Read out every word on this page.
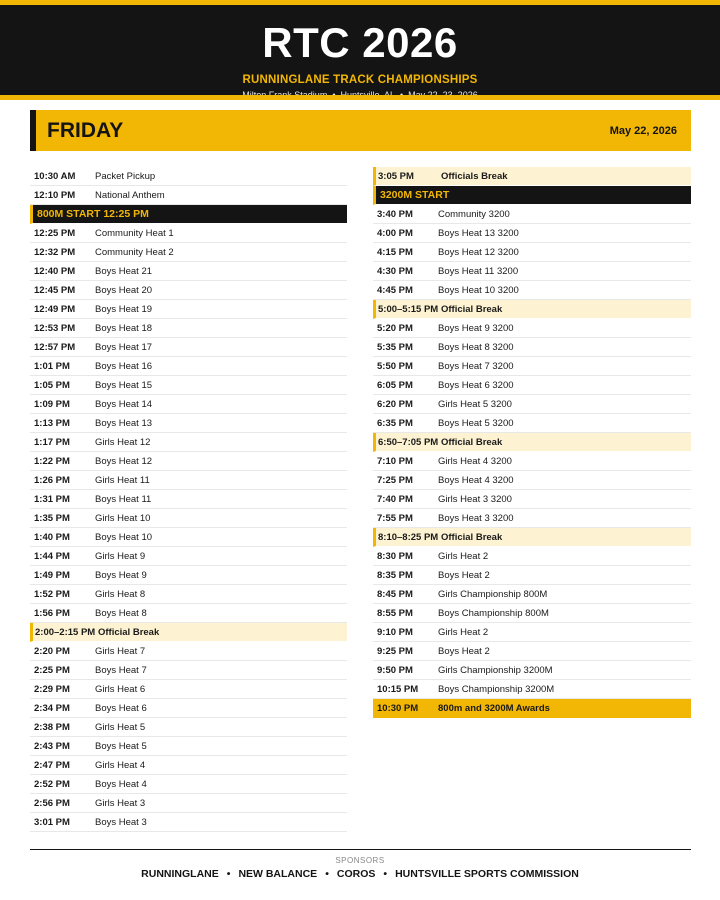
RTC 2026
RUNNINGLANE TRACK CHAMPIONSHIPS
FRIDAY	May 22, 2026
10:30 AM	Packet Pickup
12:10 PM	National Anthem
800M START 12:25 PM
12:25 PM	Community Heat 1
12:32 PM	Community Heat 2
12:40 PM	Boys Heat 21
12:45 PM	Boys Heat 20
12:49 PM	Boys Heat 19
12:53 PM	Boys Heat 18
12:57 PM	Boys Heat 17
1:01 PM	Boys Heat 16
1:05 PM	Boys Heat 15
1:09 PM	Boys Heat 14
1:13 PM	Boys Heat 13
1:17 PM	Girls Heat 12
1:22 PM	Boys Heat 12
1:26 PM	Girls Heat 11
1:31 PM	Boys Heat 11
1:35 PM	Girls Heat 10
1:40 PM	Boys Heat 10
1:44 PM	Girls Heat 9
1:49 PM	Boys Heat 9
1:52 PM	Girls Heat 8
1:56 PM	Boys Heat 8
2:00–2:15 PM Official Break
2:20 PM	Girls Heat 7
2:25 PM	Boys Heat 7
2:29 PM	Girls Heat 6
2:34 PM	Boys Heat 6
2:38 PM	Girls Heat 5
2:43 PM	Boys Heat 5
2:47 PM	Girls Heat 4
2:52 PM	Boys Heat 4
2:56 PM	Girls Heat 3
3:01 PM	Boys Heat 3
3:05 PM	Officials Break
3200M START
3:40 PM	Community 3200
4:00 PM	Boys Heat 13 3200
4:15 PM	Boys Heat 12 3200
4:30 PM	Boys Heat 11 3200
4:45 PM	Boys Heat 10 3200
5:00–5:15 PM Official Break
5:20 PM	Boys Heat 9 3200
5:35 PM	Boys Heat 8 3200
5:50 PM	Boys Heat 7 3200
6:05 PM	Boys Heat 6 3200
6:20 PM	Girls Heat 5 3200
6:35 PM	Boys Heat 5 3200
6:50–7:05 PM Official Break
7:10 PM	Girls Heat 4 3200
7:25 PM	Boys Heat 4 3200
7:40 PM	Girls Heat 3 3200
7:55 PM	Boys Heat 3 3200
8:10–8:25 PM Official Break
8:30 PM	Girls Heat 2
8:35 PM	Boys Heat 2
8:45 PM	Girls Championship 800M
8:55 PM	Boys Championship 800M
9:10 PM	Girls Heat 2
9:25 PM	Boys Heat 2
9:50 PM	Girls Championship 3200M
10:15 PM	Boys Championship 3200M
10:30 PM	800m and 3200M Awards
SPONSORS
RUNNINGLANE • NEW BALANCE • COROS • HUNTSVILLE SPORTS COMMISSION
